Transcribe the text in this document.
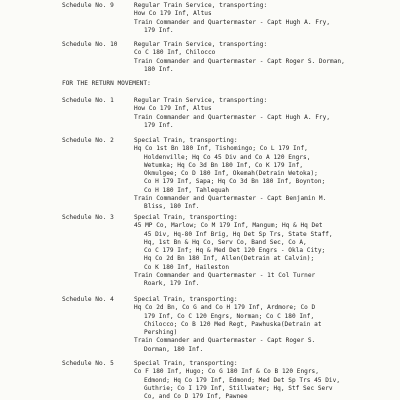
Schedule No. 9	Regular Train Service, transporting:
How Co 179 Inf, Altus
Train Commander and Quartermaster - Capt Hugh A. Fry,
179 Inf.
Schedule No. 10	Regular Train Service, transporting:
Co C 180 Inf, Chilocco
Train Commander and Quartermaster - Capt Roger S. Dorman,
180 Inf.
FOR THE RETURN MOVEMENT:
Schedule No. 1	Regular Train Service, transporting:
How Co 179 Inf, Altus
Train Commander and Quartermaster - Capt Hugh A. Fry,
179 Inf.
Schedule No. 2	Special Train, transporting:
Hq Co 1st Bn 180 Inf, Tishomingo; Co L 179 Inf,
Holdenville; Hq Co 45 Div and Co A 120 Engrs,
Wetumka; Hq Co 3d Bn 180 Inf, Co K 179 Inf,
Okmulgee; Co D 180 Inf, Okemah(Detrain Wetoka);
Co H 179 Inf, Sapa; Hq Co 3d Bn 180 Inf, Boynton;
Co H 180 Inf, Tahlequah
Train Commander and Quartermaster - Capt Benjamin M.
Bliss, 180 Inf.
Schedule No. 3	Special Train, transporting:
45 MP Co, Marlow; Co M 179 Inf, Mangum; Hq & Hq Det
45 Div, Hq-80 Inf Brig, Hq Det Sp Trs, State Staff,
Hq, 1st Bn & Hq Co, Serv Co, Band Sec, Co A,
Co C 179 Inf; Hq & Med Det 120 Engrs - Okla City;
Hq Co 2d Bn 180 Inf, Allen(Detrain at Calvin);
Co K 180 Inf, Haileston
Train Commander and Quartermaster - 1t Col Turner
Roark, 179 Inf.
Schedule No. 4	Special Train, transporting:
Hq Co 2d Bn, Co G and Co H 179 Inf, Ardmore; Co D
179 Inf, Co C 120 Engrs, Norman; Co C 180 Inf,
Chilocco; Co B 120 Med Regt, Pawhuska(Detrain at
Pershing)
Train Commander and Quartermaster - Capt Roger S.
Dorman, 180 Inf.
Schedule No. 5	Special Train, transporting:
Co F 180 Inf, Hugo; Co G 180 Inf & Co B 120 Engrs,
Edmond; Hq Co 179 Inf, Edmond; Med Det Sp Trs 45 Div,
Guthrie; Co I 179 Inf, Stillwater; Hq, Stf Sec Serv
Co, and Co D 179 Inf, Pawnee
